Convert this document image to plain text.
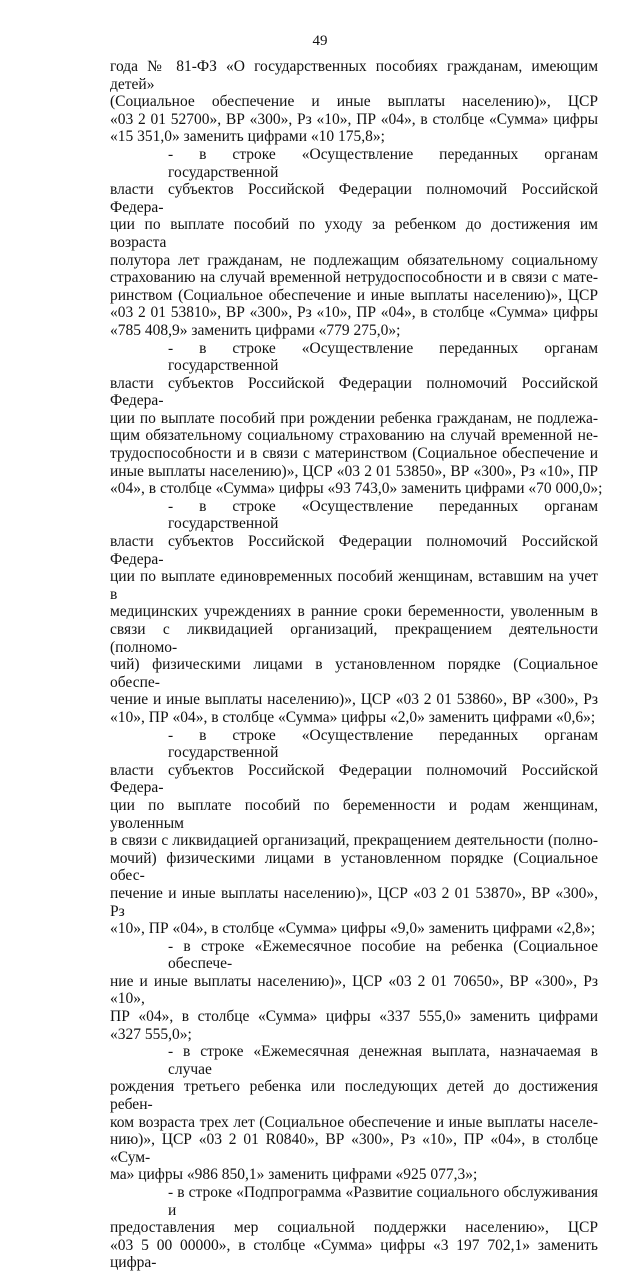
49
года № 81-ФЗ «О государственных пособиях гражданам, имеющим детей»
(Социальное обеспечение и иные выплаты населению)», ЦСР
«03 2 01 52700», ВР «300», Рз «10», ПР «04», в столбце «Сумма» цифры
«15 351,0» заменить цифрами «10 175,8»;
- в строке «Осуществление переданных органам государственной
власти субъектов Российской Федерации полномочий Российской Федера-
ции по выплате пособий по уходу за ребенком до достижения им возраста
полутора лет гражданам, не подлежащим обязательному социальному
страхованию на случай временной нетрудоспособности и в связи с мате-
ринством (Социальное обеспечение и иные выплаты населению)», ЦСР
«03 2 01 53810», ВР «300», Рз «10», ПР «04», в столбце «Сумма» цифры
«785 408,9» заменить цифрами «779 275,0»;
- в строке «Осуществление переданных органам государственной
власти субъектов Российской Федерации полномочий Российской Федера-
ции по выплате пособий при рождении ребенка гражданам, не подлежа-
щим обязательному социальному страхованию на случай временной не-
трудоспособности и в связи с материнством (Социальное обеспечение и
иные выплаты населению)», ЦСР «03 2 01 53850», ВР «300», Рз «10», ПР
«04», в столбце «Сумма» цифры «93 743,0» заменить цифрами «70 000,0»;
- в строке «Осуществление переданных органам государственной
власти субъектов Российской Федерации полномочий Российской Федера-
ции по выплате единовременных пособий женщинам, вставшим на учет в
медицинских учреждениях в ранние сроки беременности, уволенным в
связи с ликвидацией организаций, прекращением деятельности (полномо-
чий) физическими лицами в установленном порядке (Социальное обеспе-
чение и иные выплаты населению)», ЦСР «03 2 01 53860», ВР «300», Рз
«10», ПР «04», в столбце «Сумма» цифры «2,0» заменить цифрами «0,6»;
- в строке «Осуществление переданных органам государственной
власти субъектов Российской Федерации полномочий Российской Федера-
ции по выплате пособий по беременности и родам женщинам, уволенным
в связи с ликвидацией организаций, прекращением деятельности (полно-
мочий) физическими лицами в установленном порядке (Социальное обес-
печение и иные выплаты населению)», ЦСР «03 2 01 53870», ВР «300», Рз
«10», ПР «04», в столбце «Сумма» цифры «9,0» заменить цифрами «2,8»;
- в строке «Ежемесячное пособие на ребенка (Социальное обеспече-
ние и иные выплаты населению)», ЦСР «03 2 01 70650», ВР «300», Рз «10»,
ПР «04», в столбце «Сумма» цифры «337 555,0» заменить цифрами
«327 555,0»;
- в строке «Ежемесячная денежная выплата, назначаемая в случае
рождения третьего ребенка или последующих детей до достижения ребен-
ком возраста трех лет (Социальное обеспечение и иные выплаты населе-
нию)», ЦСР «03 2 01 R0840», ВР «300», Рз «10», ПР «04», в столбце «Сум-
ма» цифры «986 850,1» заменить цифрами «925 077,3»;
- в строке «Подпрограмма «Развитие социального обслуживания и
предоставления мер социальной поддержки населению», ЦСР
«03 5 00 00000», в столбце «Сумма» цифры «3 197 702,1» заменить цифра-
